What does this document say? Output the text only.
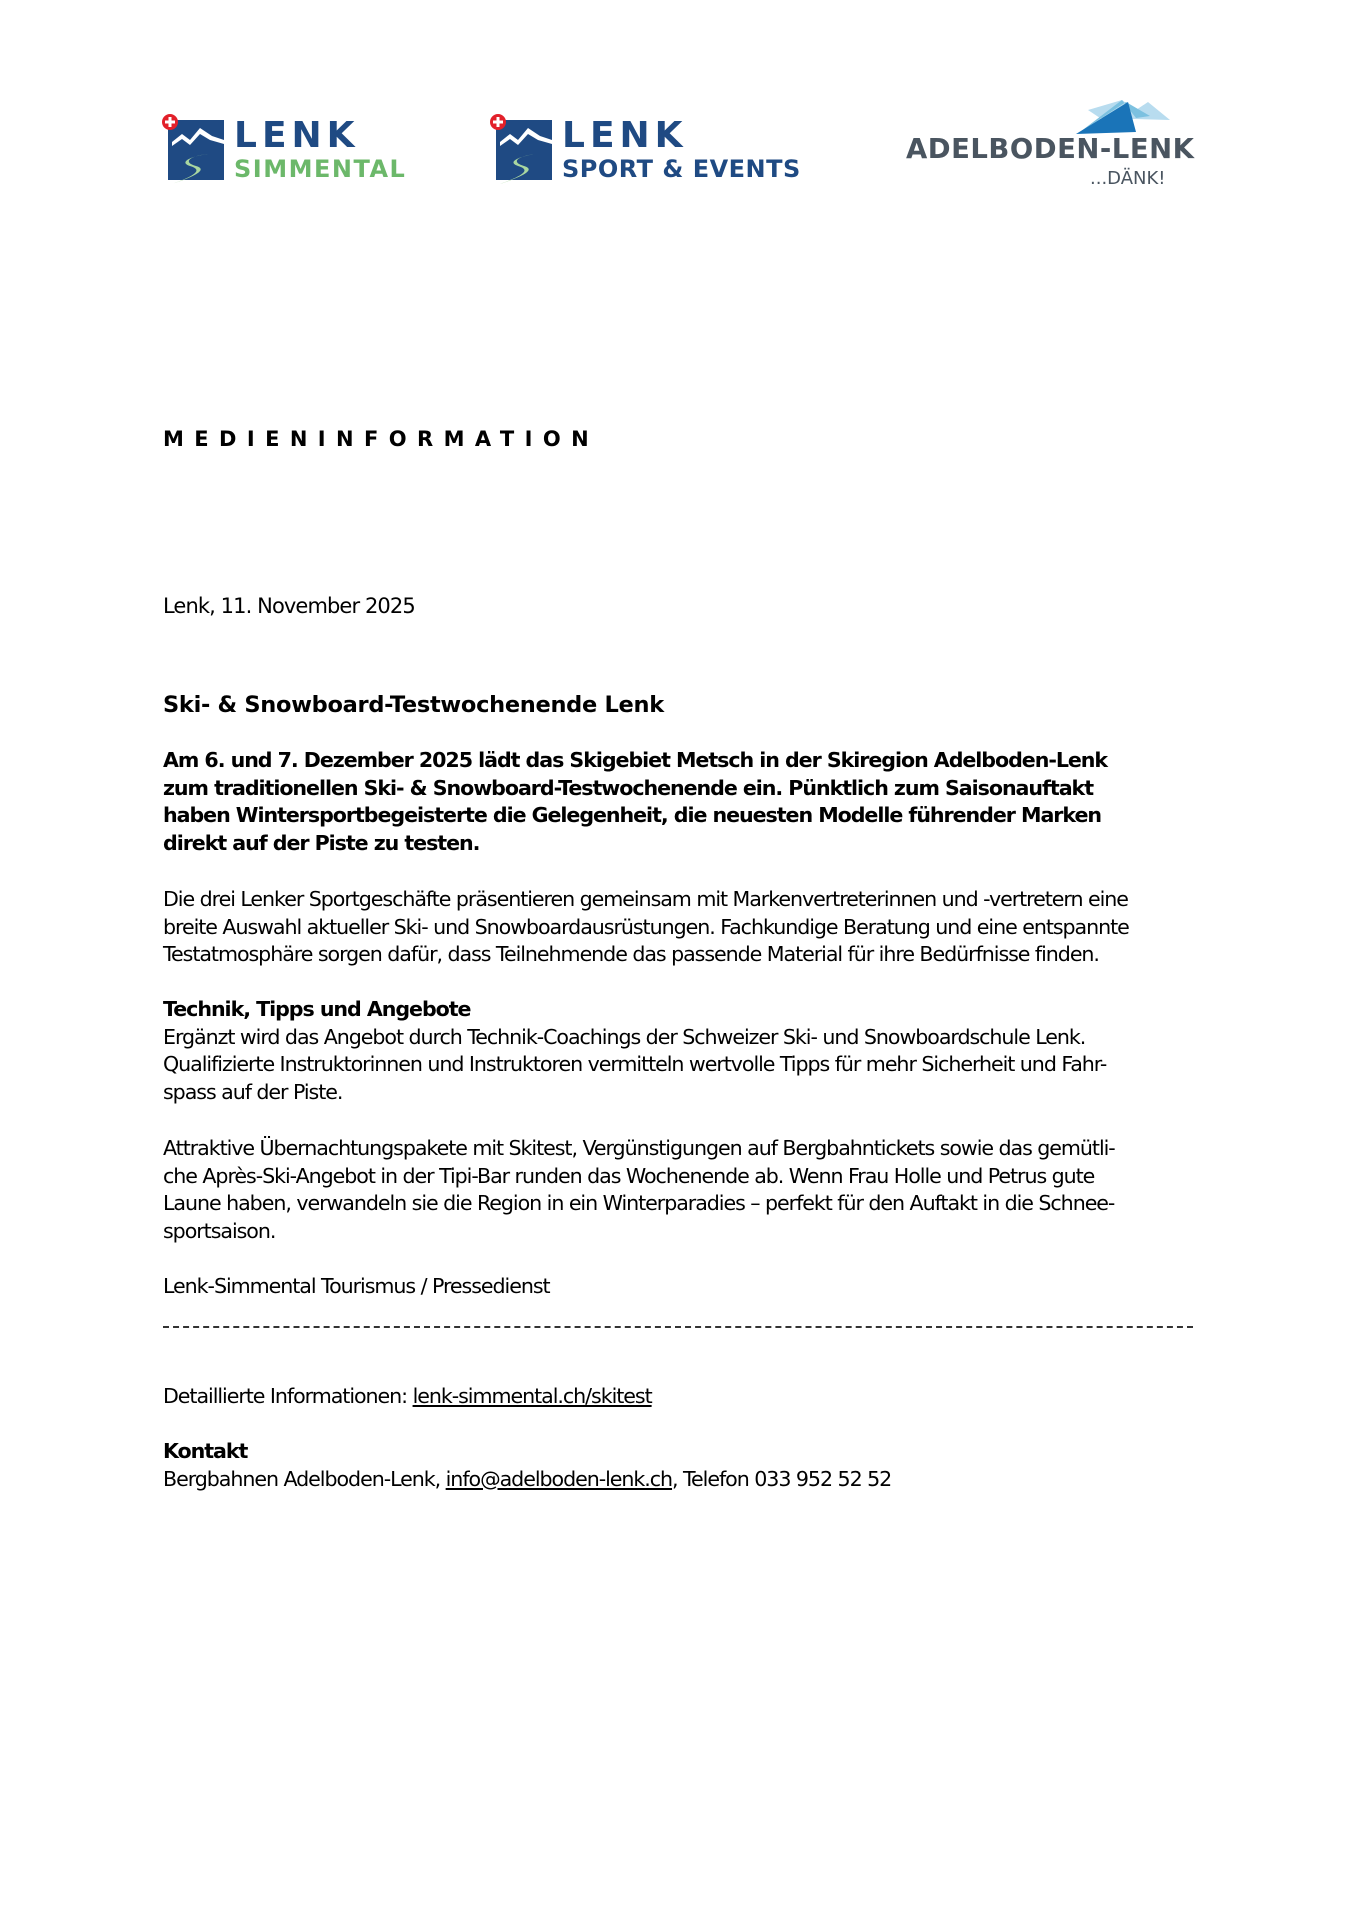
LENK
SIMMENTAL
LENK
SPORT & EVENTS
ADELBODEN-LENK
...DÄNK!
MEDIENINFORMATION
Lenk, 11. November 2025
Ski- & Snowboard-Testwochenende Lenk

Am 6. und 7. Dezember 2025 lädt das Skigebiet Metsch in der Skiregion Adelboden-Lenk

zum traditionellen Ski- & Snowboard-Testwochenende ein. Pünktlich zum Saisonauftakt

haben Wintersportbegeisterte die Gelegenheit, die neuesten Modelle führender Marken

direkt auf der Piste zu testen.

Die drei Lenker Sportgeschäfte präsentieren gemeinsam mit Markenvertreterinnen und -vertretern eine

breite Auswahl aktueller Ski- und Snowboardausrüstungen. Fachkundige Beratung und eine entspannte

Testatmosphäre sorgen dafür, dass Teilnehmende das passende Material für ihre Bedürfnisse finden.

Technik, Tipps und Angebote

Ergänzt wird das Angebot durch Technik-Coachings der Schweizer Ski- und Snowboardschule Lenk.

Qualifizierte Instruktorinnen und Instruktoren vermitteln wertvolle Tipps für mehr Sicherheit und Fahr-

spass auf der Piste.

Attraktive Übernachtungspakete mit Skitest, Vergünstigungen auf Bergbahntickets sowie das gemütli-

che Après-Ski-Angebot in der Tipi-Bar runden das Wochenende ab. Wenn Frau Holle und Petrus gute

Laune haben, verwandeln sie die Region in ein Winterparadies – perfekt für den Auftakt in die Schnee-

sportsaison.

Lenk-Simmental Tourismus / Pressedienst
Detaillierte Informationen: lenk-simmental.ch/skitest

Kontakt

Bergbahnen Adelboden-Lenk, info@adelboden-lenk.ch, Telefon 033 952 52 52
